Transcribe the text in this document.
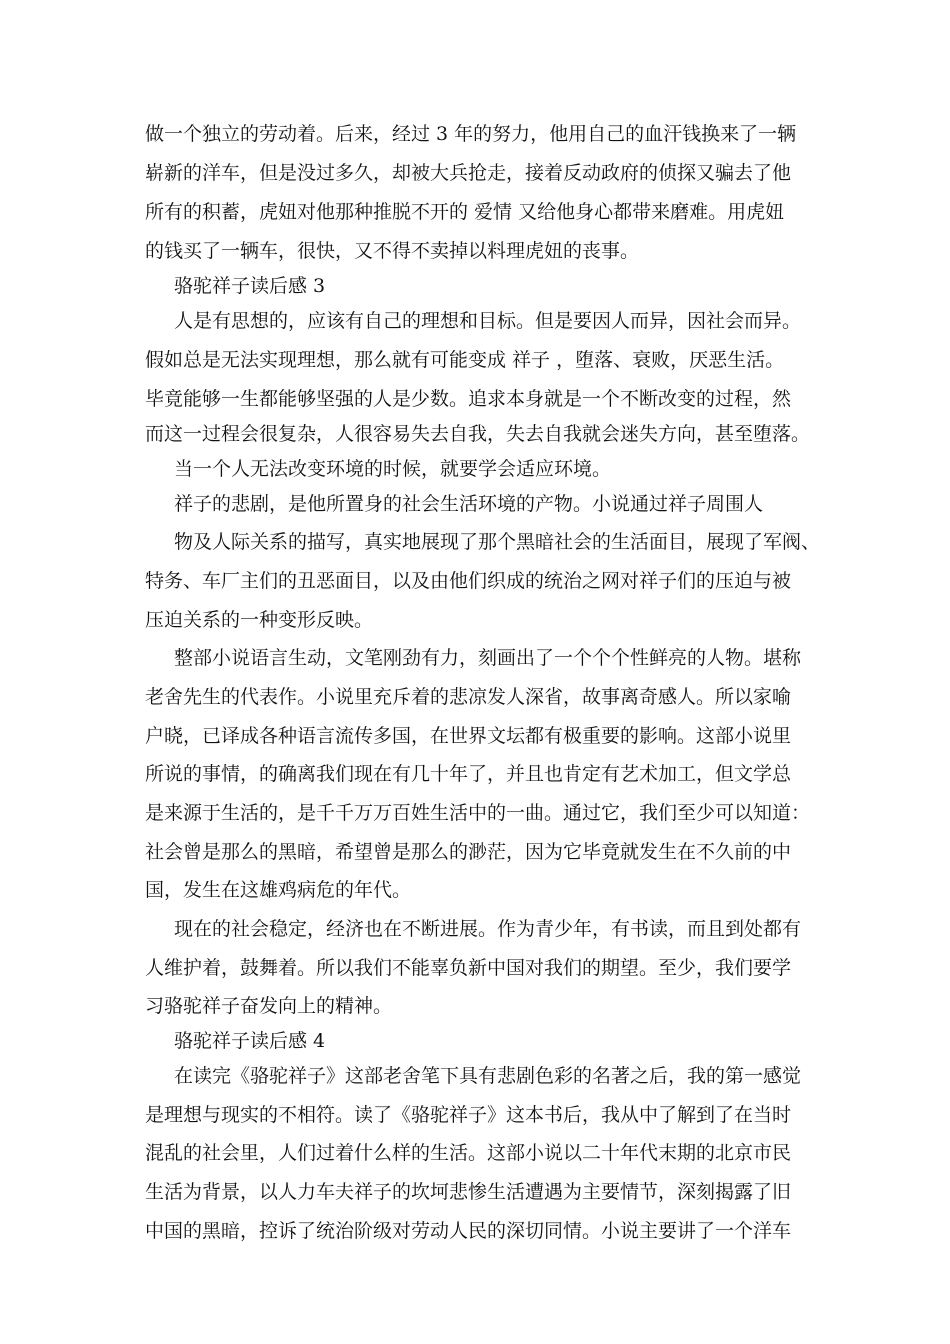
做一个独立的劳动着。后来，经过 3 年的努力，他用自己的血汗钱换来了一辆
崭新的洋车，但是没过多久，却被大兵抢走，接着反动政府的侦探又骗去了他
所有的积蓄，虎妞对他那种推脱不开的 爱情 又给他身心都带来磨难。用虎妞
的钱买了一辆车，很快，又不得不卖掉以料理虎妞的丧事。
骆驼祥子读后感 3
人是有思想的，应该有自己的理想和目标。但是要因人而异，因社会而异。
假如总是无法实现理想，那么就有可能变成 祥子 ，堕落、衰败，厌恶生活。
毕竟能够一生都能够坚强的人是少数。追求本身就是一个不断改变的过程，然
而这一过程会很复杂，人很容易失去自我，失去自我就会迷失方向，甚至堕落。
当一个人无法改变环境的时候，就要学会适应环境。
祥子的悲剧，是他所置身的社会生活环境的产物。小说通过祥子周围人
物及人际关系的描写，真实地展现了那个黑暗社会的生活面目，展现了军阀、
特务、车厂主们的丑恶面目，以及由他们织成的统治之网对祥子们的压迫与被
压迫关系的一种变形反映。
整部小说语言生动，文笔刚劲有力，刻画出了一个个个性鲜亮的人物。堪称
老舍先生的代表作。小说里充斥着的悲凉发人深省，故事离奇感人。所以家喻
户晓，已译成各种语言流传多国，在世界文坛都有极重要的影响。这部小说里
所说的事情，的确离我们现在有几十年了，并且也肯定有艺术加工，但文学总
是来源于生活的，是千千万万百姓生活中的一曲。通过它，我们至少可以知道：
社会曾是那么的黑暗，希望曾是那么的渺茫，因为它毕竟就发生在不久前的中
国，发生在这雄鸡病危的年代。
现在的社会稳定，经济也在不断进展。作为青少年，有书读，而且到处都有
人维护着，鼓舞着。所以我们不能辜负新中国对我们的期望。至少，我们要学
习骆驼祥子奋发向上的精神。
骆驼祥子读后感 4
在读完《骆驼祥子》这部老舍笔下具有悲剧色彩的名著之后，我的第一感觉
是理想与现实的不相符。读了《骆驼祥子》这本书后，我从中了解到了在当时
混乱的社会里，人们过着什么样的生活。这部小说以二十年代末期的北京市民
生活为背景，以人力车夫祥子的坎坷悲惨生活遭遇为主要情节，深刻揭露了旧
中国的黑暗，控诉了统治阶级对劳动人民的深切同情。小说主要讲了一个洋车
